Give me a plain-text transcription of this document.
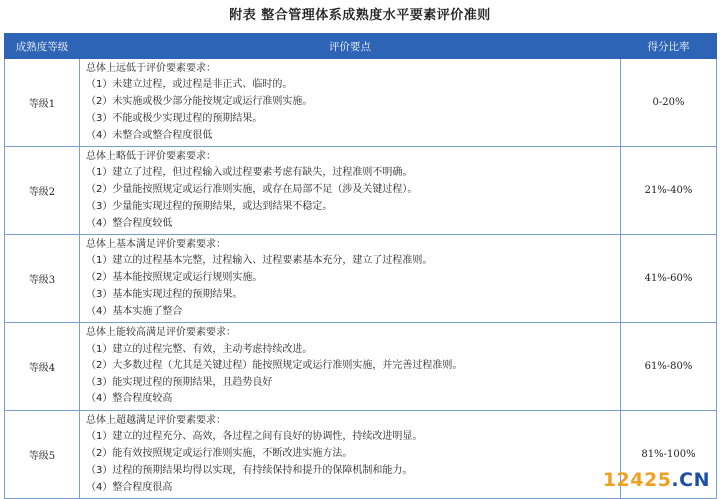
附表 整合管理体系成熟度水平要素评价准则
成熟度等级	评价要点	得分比率
等级1	总体上远低于评价要素要求：
（1）未建立过程，或过程是非正式、临时的。
（2）未实施或极少部分能按规定或运行准则实施。
（3）不能或极少实现过程的预期结果。
（4）未整合或整合程度很低	0-20%
等级2	总体上略低于评价要素要求：
（1）建立了过程，但过程输入或过程要素考虑有缺失，过程准则不明确。
（2）少量能按照规定或运行准则实施，或存在局部不足（涉及关键过程）。
（3）少量能实现过程的预期结果，或达到结果不稳定。
（4）整合程度较低	21%-40%
等级3	总体上基本满足评价要素要求：
（1）建立的过程基本完整，过程输入、过程要素基本充分，建立了过程准则。
（2）基本能按照规定或运行规则实施。
（3）基本能实现过程的预期结果。
（4）基本实施了整合	41%-60%
等级4	总体上能较高满足评价要素要求：
（1）建立的过程完整、有效，主动考虑持续改进。
（2）大多数过程（尤其是关键过程）能按照规定或运行准则实施，并完善过程准则。
（3）能实现过程的预期结果，且趋势良好
（4）整合程度较高	61%-80%
等级5	总体上超越满足评价要素要求：
（1）建立的过程充分、高效，各过程之间有良好的协调性，持续改进明显。
（2）能有效按照规定或运行准则实施，不断改进实施方法。
（3）过程的预期结果均得以实现，有持续保持和提升的保障机制和能力。
（4）整合程度很高	81%-100%
12425.CN
